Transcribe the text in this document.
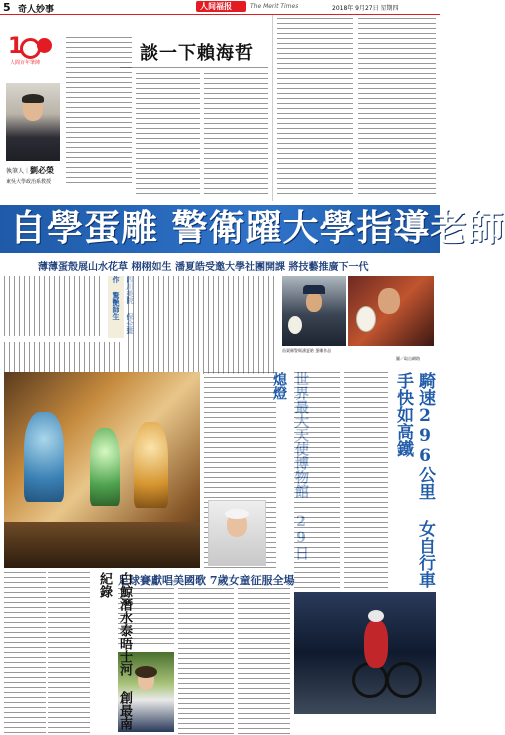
5 奇人妙事	人间福报	The Merit Times	2018年 9月27日 星期四
1
人間百年筆陣
執筆人｜劉必榮
東吳大學政治系教授
談一下賴海哲
自學蛋雕 警衛躍大學指導老師
薄薄蛋殼展山水花草 栩栩如生 潘夏皓受邀大學社團開課 將技藝推廣下一代
作 驚艷師生
苗栗縣警衛潘夏皓 蛋雕作品
圖／取自網路
熄燈	騎速296公里 女自行車手快如高鐵
足球賽獻唱美國歌 7歲女童征服全場
白鯨潛水泰晤士河 創最南紀錄
